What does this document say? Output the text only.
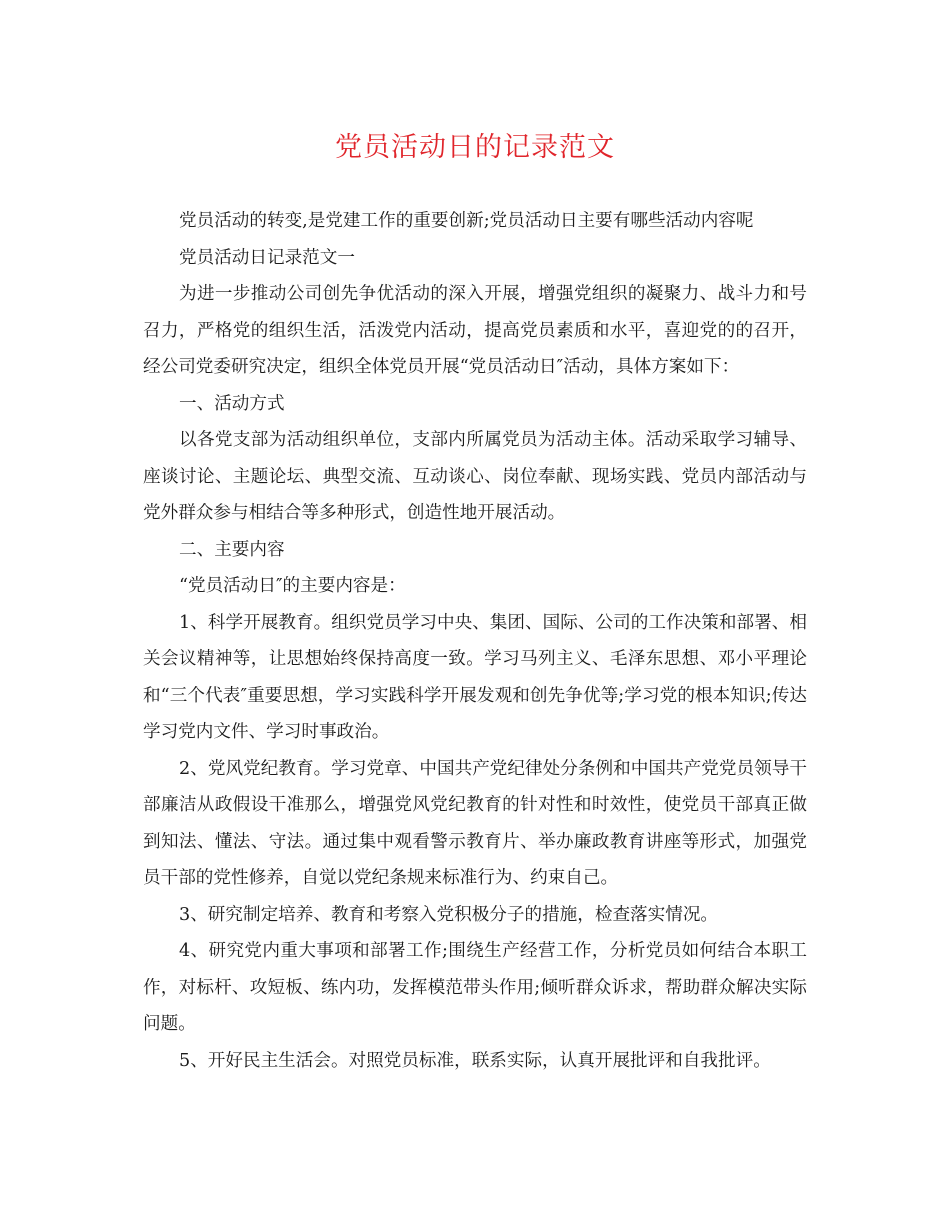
党员活动日的记录范文

党员活动的转变,是党建工作的重要创新;党员活动日主要有哪些活动内容呢

党员活动日记录范文一

为进一步推动公司创先争优活动的深入开展，增强党组织的凝聚力、战斗力和号召力，严格党的组织生活，活泼党内活动，提高党员素质和水平，喜迎党的的召开，经公司党委研究决定，组织全体党员开展“党员活动日″活动，具体方案如下：

一、活动方式

以各党支部为活动组织单位，支部内所属党员为活动主体。活动采取学习辅导、座谈讨论、主题论坛、典型交流、互动谈心、岗位奉献、现场实践、党员内部活动与党外群众参与相结合等多种形式，创造性地开展活动。

二、主要内容

“党员活动日″的主要内容是：

1、科学开展教育。组织党员学习中央、集团、国际、公司的工作决策和部署、相关会议精神等，让思想始终保持高度一致。学习马列主义、毛泽东思想、邓小平理论和“三个代表″重要思想，学习实践科学开展发观和创先争优等;学习党的根本知识;传达学习党内文件、学习时事政治。

2、党风党纪教育。学习党章、中国共产党纪律处分条例和中国共产党党员领导干部廉洁从政假设干准那么，增强党风党纪教育的针对性和时效性，使党员干部真正做到知法、懂法、守法。通过集中观看警示教育片、举办廉政教育讲座等形式，加强党员干部的党性修养，自觉以党纪条规来标准行为、约束自己。

3、研究制定培养、教育和考察入党积极分子的措施，检查落实情况。

4、研究党内重大事项和部署工作;围绕生产经营工作，分析党员如何结合本职工作，对标杆、攻短板、练内功，发挥模范带头作用;倾听群众诉求，帮助群众解决实际问题。

5、开好民主生活会。对照党员标准，联系实际，认真开展批评和自我批评。
